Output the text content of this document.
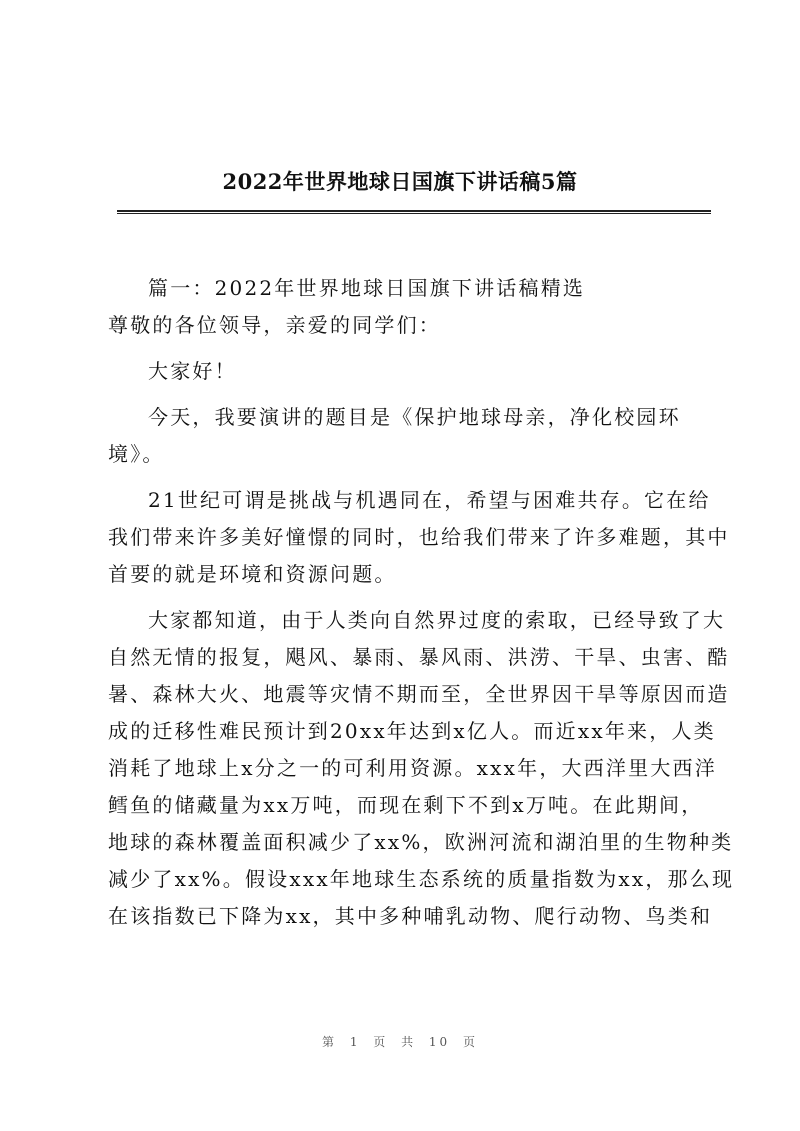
2022年世界地球日国旗下讲话稿5篇
篇一：2022年世界地球日国旗下讲话稿精选
尊敬的各位领导，亲爱的同学们：
大家好！
今天，我要演讲的题目是《保护地球母亲，净化校园环
境》。
21世纪可谓是挑战与机遇同在，希望与困难共存。它在给
我们带来许多美好憧憬的同时，也给我们带来了许多难题，其中
首要的就是环境和资源问题。
大家都知道，由于人类向自然界过度的索取，已经导致了大
自然无情的报复，飓风、暴雨、暴风雨、洪涝、干旱、虫害、酷
暑、森林大火、地震等灾情不期而至，全世界因干旱等原因而造
成的迁移性难民预计到20xx年达到x亿人。而近xx年来，人类
消耗了地球上x分之一的可利用资源。xxx年，大西洋里大西洋
鳕鱼的储藏量为xx万吨，而现在剩下不到x万吨。在此期间，
地球的森林覆盖面积减少了xx%，欧洲河流和湖泊里的生物种类
减少了xx%。假设xxx年地球生态系统的质量指数为xx，那么现
在该指数已下降为xx，其中多种哺乳动物、爬行动物、鸟类和
第 1 页 共 10 页
